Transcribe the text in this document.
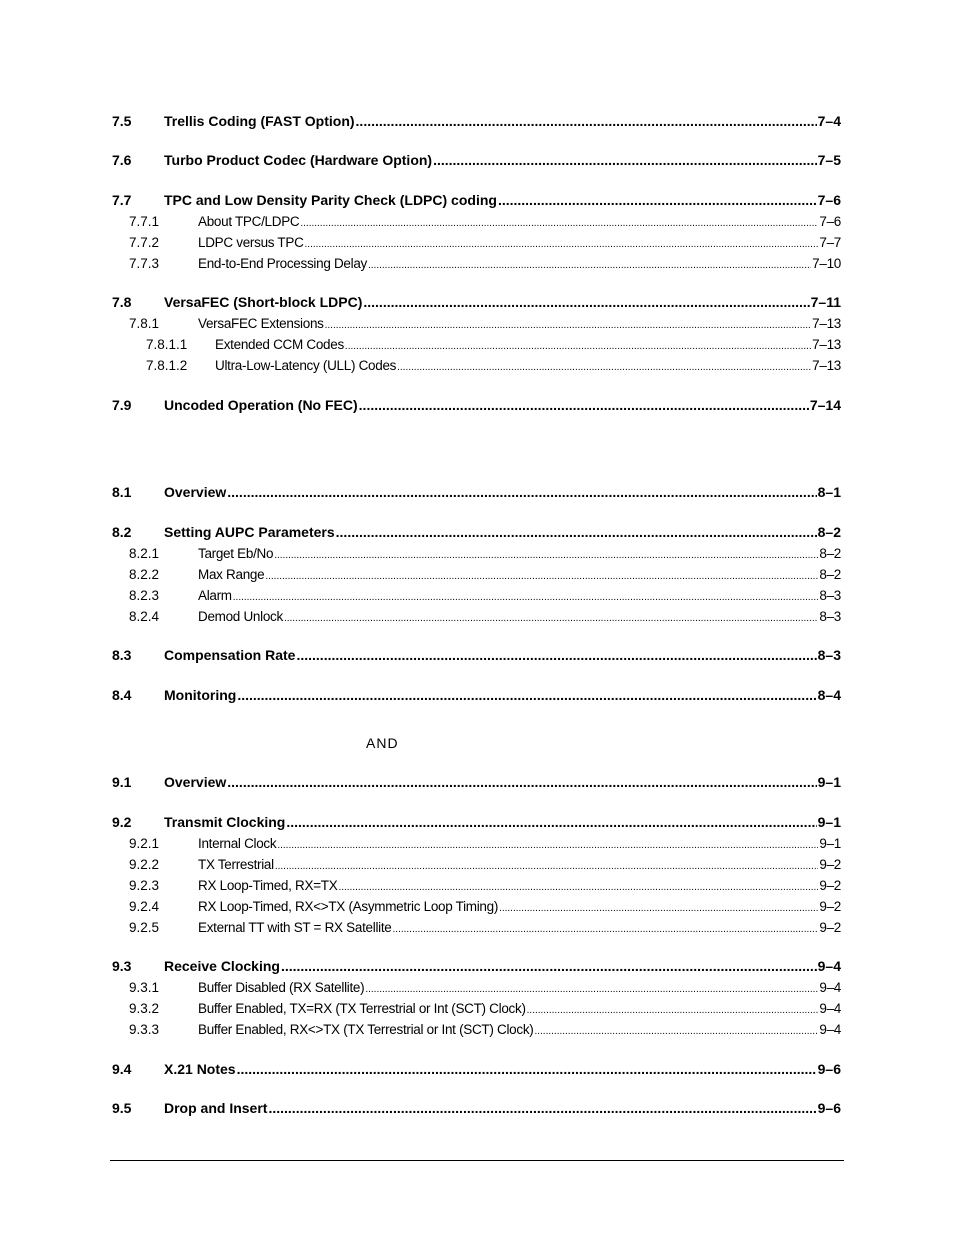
7.5	Trellis Coding (FAST Option) .....	7–4
7.6	Turbo Product Codec (Hardware Option) .....	7–5
7.7	TPC and Low Density Parity Check (LDPC) coding .....	7–6
7.7.1	About TPC/LDPC .....	7–6
7.7.2	LDPC versus TPC .....	7–7
7.7.3	End-to-End Processing Delay .....	7–10
7.8	VersaFEC (Short-block LDPC) .....	7–11
7.8.1	VersaFEC Extensions .....	7–13
7.8.1.1	Extended CCM Codes .....	7–13
7.8.1.2	Ultra-Low-Latency (ULL) Codes .....	7–13
7.9	Uncoded Operation (No FEC) .....	7–14
8.1	Overview .....	8–1
8.2	Setting AUPC Parameters .....	8–2
8.2.1	Target Eb/No .....	8–2
8.2.2	Max Range .....	8–2
8.2.3	Alarm .....	8–3
8.2.4	Demod Unlock .....	8–3
8.3	Compensation Rate .....	8–3
8.4	Monitoring .....	8–4
AND
9.1	Overview .....	9–1
9.2	Transmit Clocking .....	9–1
9.2.1	Internal Clock .....	9–1
9.2.2	TX Terrestrial .....	9–2
9.2.3	RX Loop-Timed, RX=TX .....	9–2
9.2.4	RX Loop-Timed, RX<>TX (Asymmetric Loop Timing) .....	9–2
9.2.5	External TT with ST = RX Satellite .....	9–2
9.3	Receive Clocking .....	9–4
9.3.1	Buffer Disabled (RX Satellite) .....	9–4
9.3.2	Buffer Enabled, TX=RX (TX Terrestrial or Int (SCT) Clock) .....	9–4
9.3.3	Buffer Enabled, RX<>TX (TX Terrestrial or Int (SCT) Clock) .....	9–4
9.4	X.21 Notes .....	9–6
9.5	Drop and Insert .....	9–6
